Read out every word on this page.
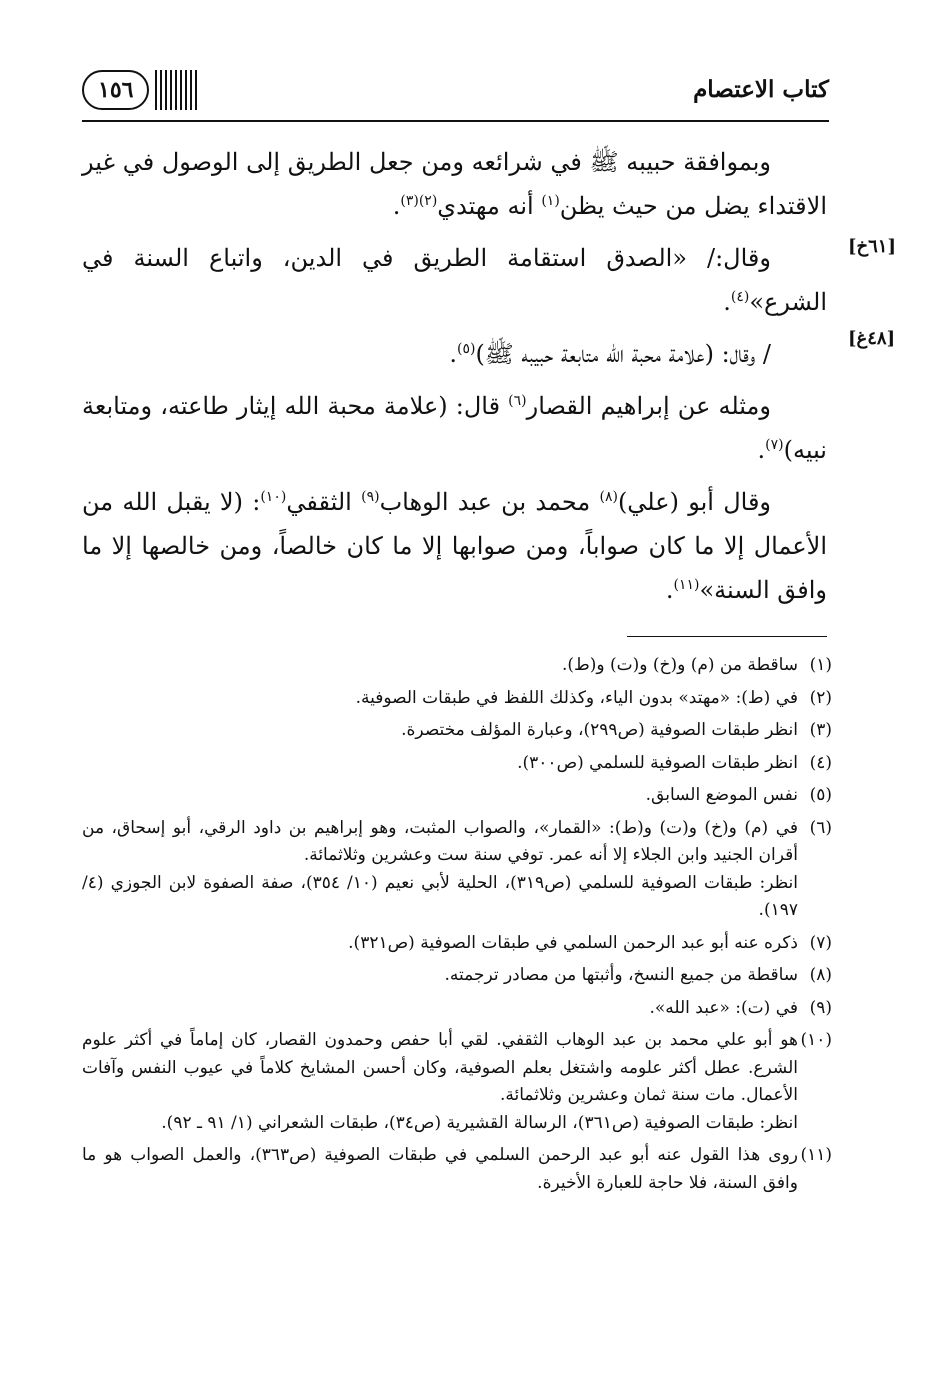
كتاب الاعتصام
١٥٦

وبموافقة حبيبه ﷺ في شرائعه ومن جعل الطريق إلى الوصول في غير الاقتداء يضل من حيث يظن$^{(١)}$ أنه مهتدي$^{(٢)(٣)}$.

وقال:/ «الصدق استقامة الطريق في الدين، واتباع السنة في الشرع»$^{(٤)}$.

/ وقال: (علامة محبة الله متابعة حبيبه ﷺ)$^{(٥)}$.

ومثله عن إبراهيم القصار$^{(٦)}$ قال: (علامة محبة الله إيثار طاعته، ومتابعة نبيه)$^{(٧)}$.

وقال أبو (علي)$^{(٨)}$ محمد بن عبد الوهاب$^{(٩)}$ الثقفي$^{(١٠)}$: (لا يقبل الله من الأعمال إلا ما كان صواباً، ومن صوابها إلا ما كان خالصاً، ومن خالصها إلا ما وافق السنة»$^{(١١)}$.

[٦١خ]
[٤٨غ]
(١)
ساقطة من (م) و(خ) و(ت) و(ط).
(٢)
في (ط): «مهتد» بدون الياء، وكذلك اللفظ في طبقات الصوفية.
(٣)
انظر طبقات الصوفية (ص٢٩٩)، وعبارة المؤلف مختصرة.
(٤)
انظر طبقات الصوفية للسلمي (ص٣٠٠).
(٥)
نفس الموضع السابق.
(٦)
في (م) و(خ) و(ت) و(ط): «القمار»، والصواب المثبت، وهو إبراهيم بن داود الرقي، أبو إسحاق، من أقران الجنيد وابن الجلاء إلا أنه عمر. توفي سنة ست وعشرين وثلاثمائة.
انظر: طبقات الصوفية للسلمي (ص٣١٩)، الحلية لأبي نعيم (١٠/ ٣٥٤)، صفة الصفوة لابن الجوزي (٤/ ١٩٧).
(٧)
ذكره عنه أبو عبد الرحمن السلمي في طبقات الصوفية (ص٣٢١).
(٨)
ساقطة من جميع النسخ، وأثبتها من مصادر ترجمته.
(٩)
في (ت): «عبد الله».
(١٠)
هو أبو علي محمد بن عبد الوهاب الثقفي. لقي أبا حفص وحمدون القصار، كان إماماً في أكثر علوم الشرع. عطل أكثر علومه واشتغل بعلم الصوفية، وكان أحسن المشايخ كلاماً في عيوب النفس وآفات الأعمال. مات سنة ثمان وعشرين وثلاثمائة.
انظر: طبقات الصوفية (ص٣٦١)، الرسالة القشيرية (ص٣٤)، طبقات الشعراني (١/ ٩١ ـ ٩٢).
(١١)
روى هذا القول عنه أبو عبد الرحمن السلمي في طبقات الصوفية (ص٣٦٣)، والعمل الصواب هو ما وافق السنة، فلا حاجة للعبارة الأخيرة.
